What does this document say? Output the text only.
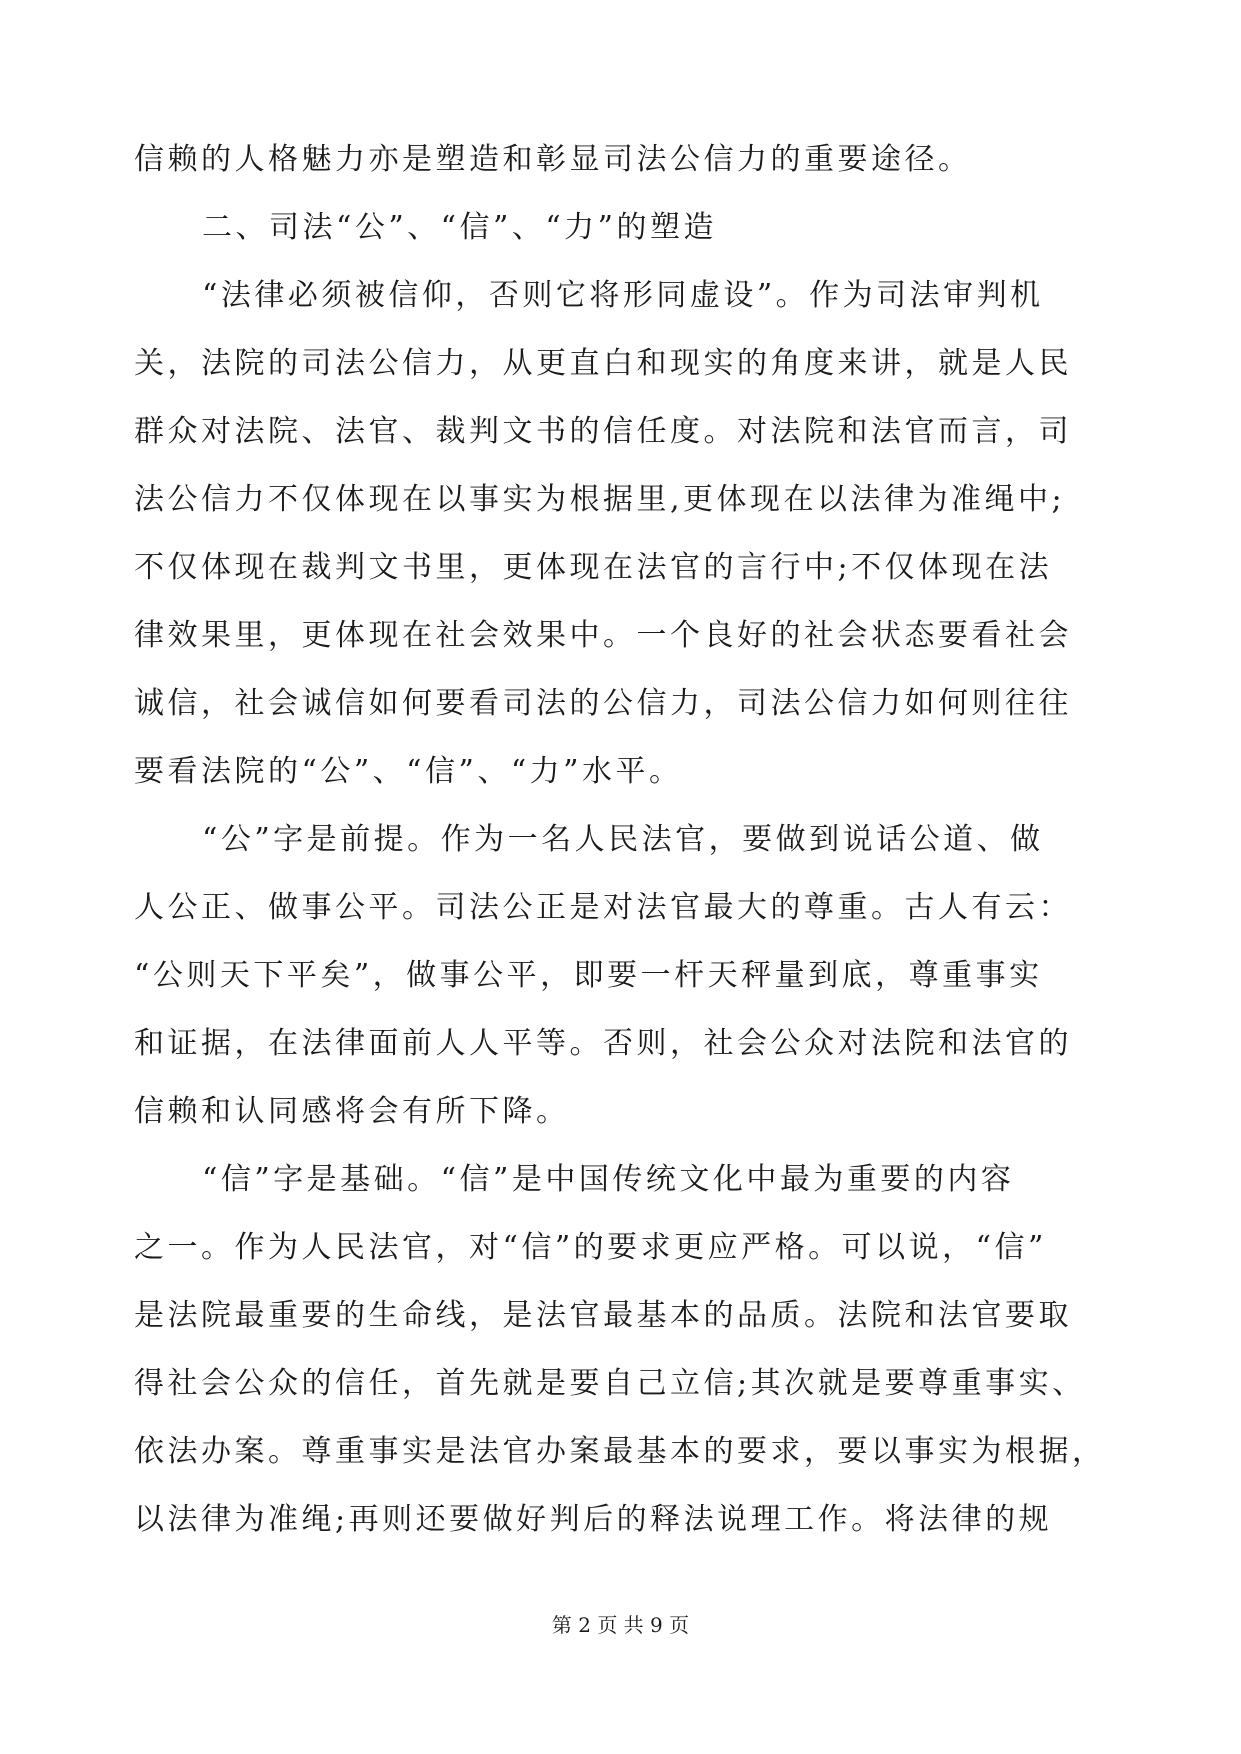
信赖的人格魅力亦是塑造和彰显司法公信力的重要途径。
二、司法“公”、“信”、“力”的塑造
“法律必须被信仰，否则它将形同虚设”。作为司法审判机
关，法院的司法公信力，从更直白和现实的角度来讲，就是人民
群众对法院、法官、裁判文书的信任度。对法院和法官而言，司
法公信力不仅体现在以事实为根据里,更体现在以法律为准绳中;
不仅体现在裁判文书里，更体现在法官的言行中;不仅体现在法
律效果里，更体现在社会效果中。一个良好的社会状态要看社会
诚信，社会诚信如何要看司法的公信力，司法公信力如何则往往
要看法院的“公”、“信”、“力”水平。
“公”字是前提。作为一名人民法官，要做到说话公道、做
人公正、做事公平。司法公正是对法官最大的尊重。古人有云：
“公则天下平矣”，做事公平，即要一杆天秤量到底，尊重事实
和证据，在法律面前人人平等。否则，社会公众对法院和法官的
信赖和认同感将会有所下降。
“信”字是基础。“信”是中国传统文化中最为重要的内容
之一。作为人民法官，对“信”的要求更应严格。可以说，“信”
是法院最重要的生命线，是法官最基本的品质。法院和法官要取
得社会公众的信任，首先就是要自己立信;其次就是要尊重事实、
依法办案。尊重事实是法官办案最基本的要求，要以事实为根据，
以法律为准绳;再则还要做好判后的释法说理工作。将法律的规
第 2 页 共 9 页
